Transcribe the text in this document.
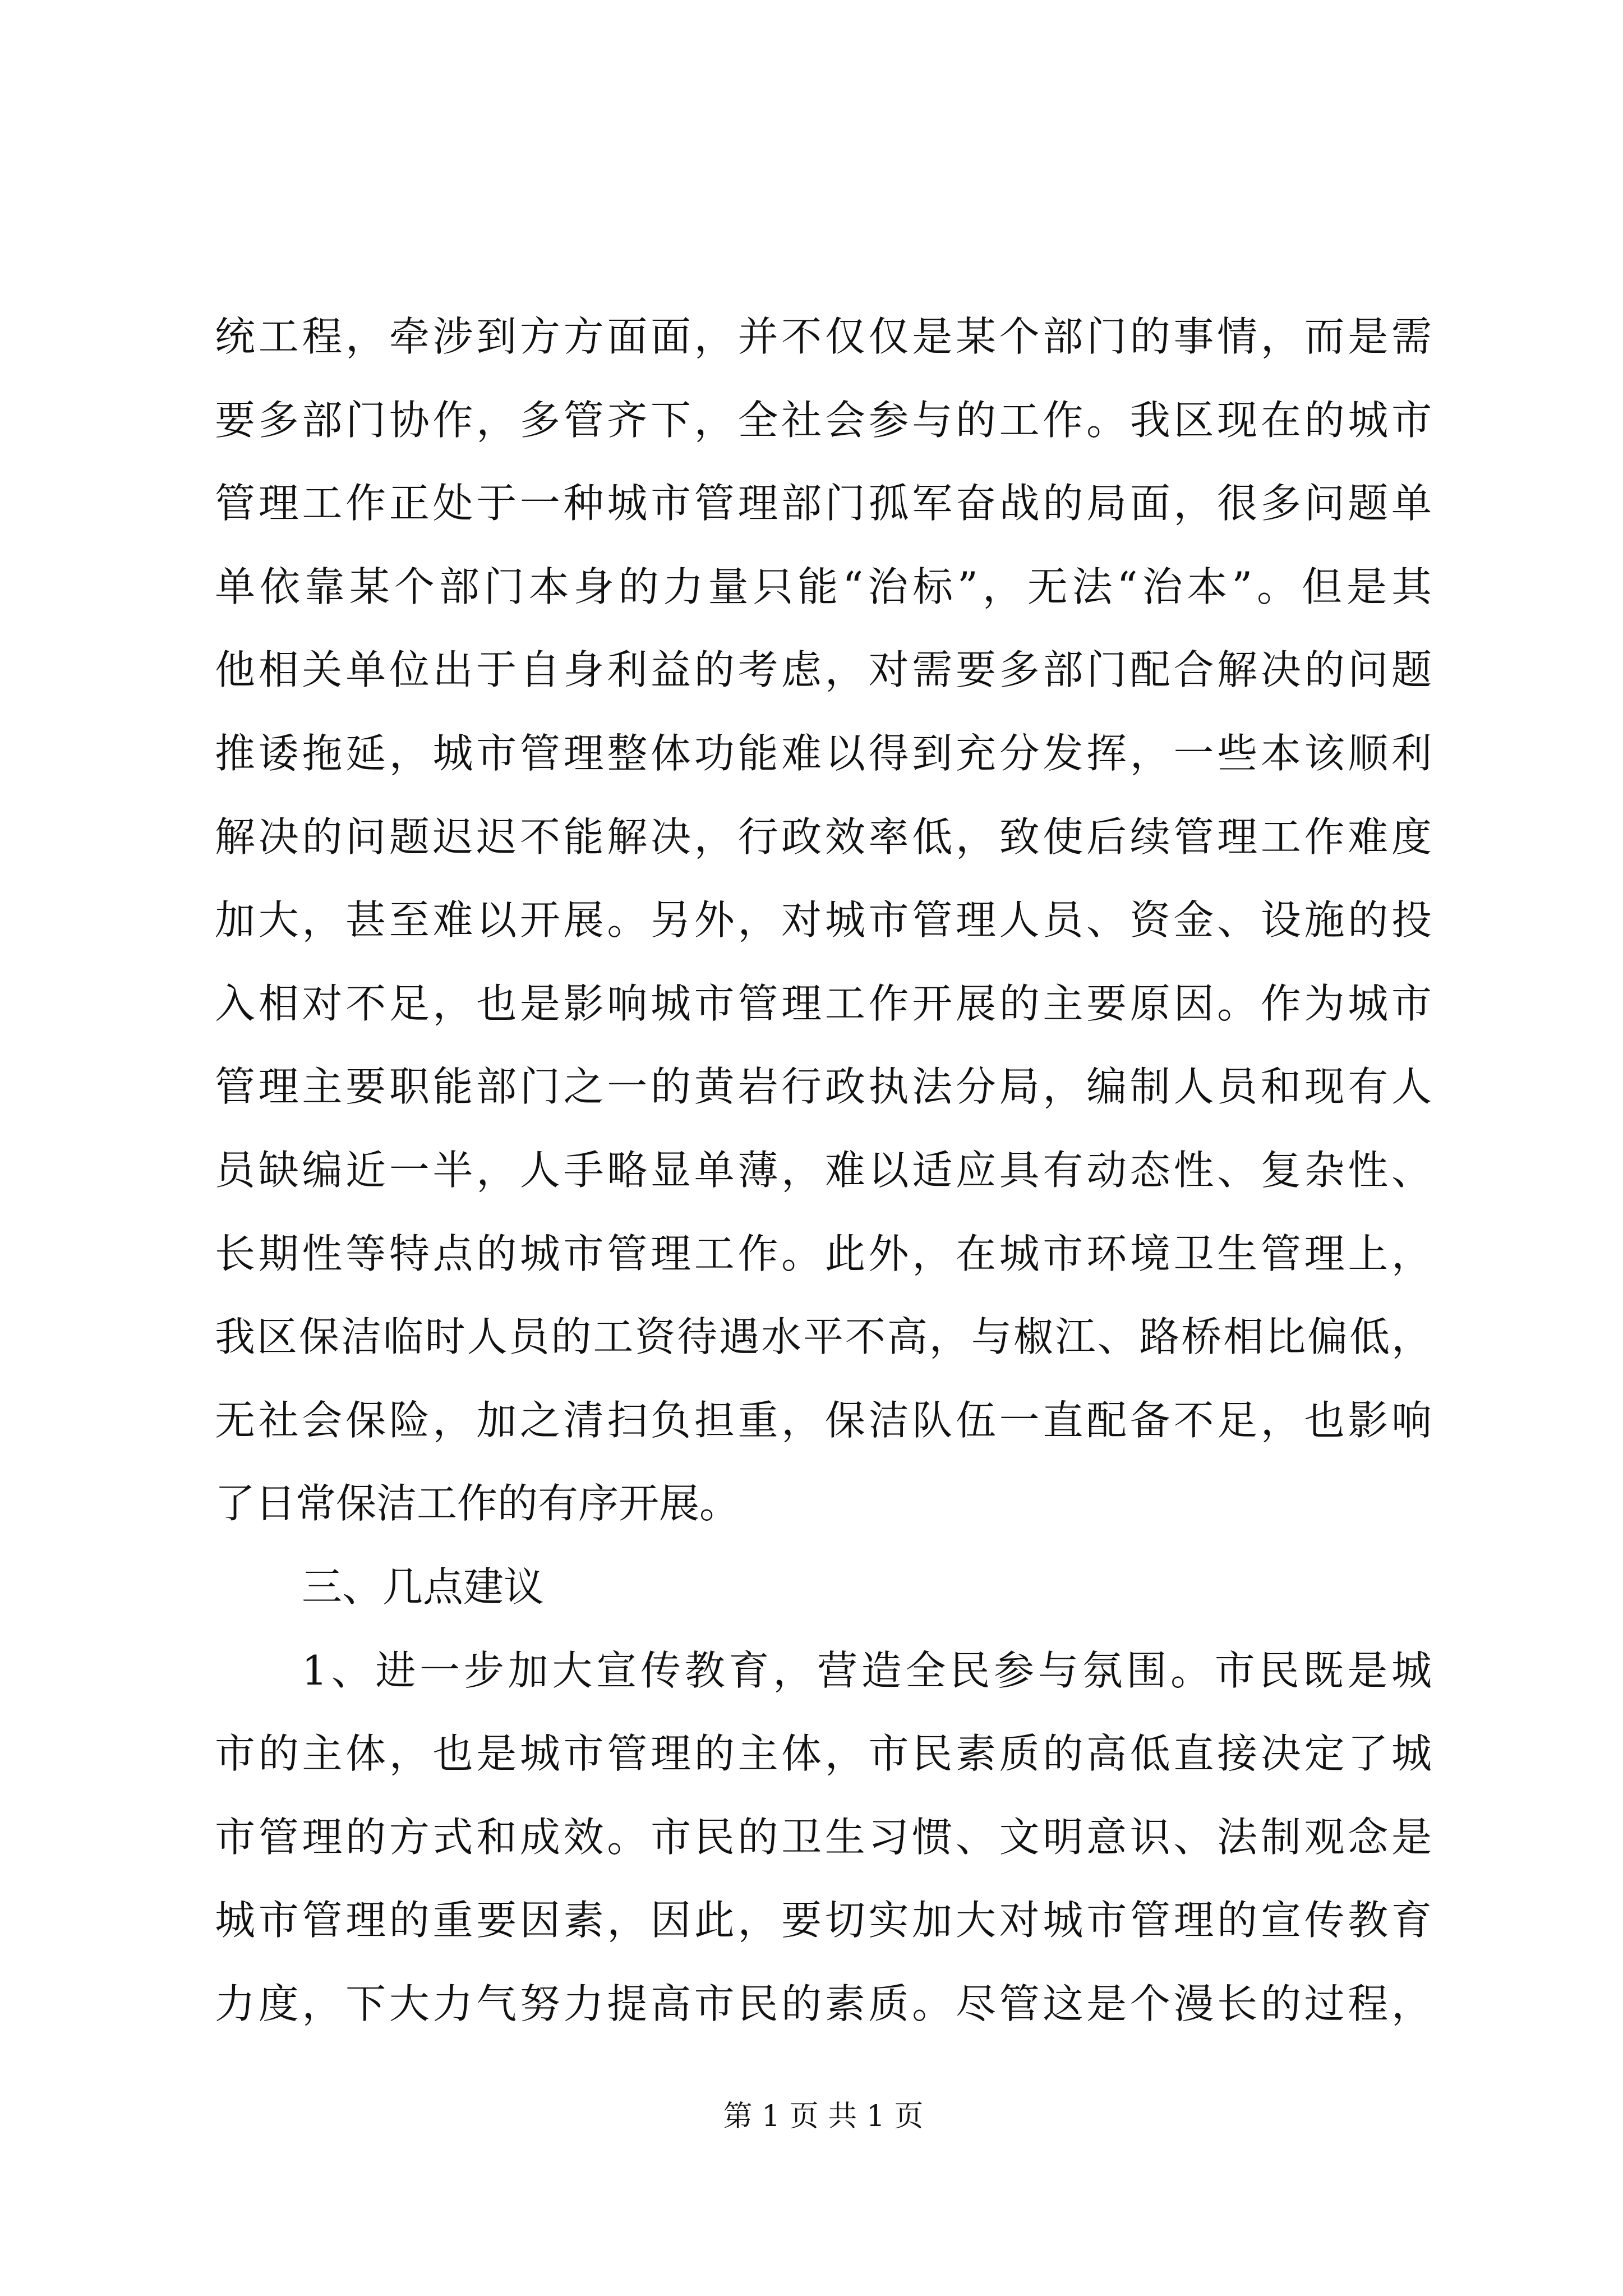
统工程，牵涉到方方面面，并不仅仅是某个部门的事情，而是需
要多部门协作，多管齐下，全社会参与的工作。我区现在的城市
管理工作正处于一种城市管理部门孤军奋战的局面，很多问题单
单依靠某个部门本身的力量只能“治标”，无法“治本”。但是其
他相关单位出于自身利益的考虑，对需要多部门配合解决的问题
推诿拖延，城市管理整体功能难以得到充分发挥，一些本该顺利
解决的问题迟迟不能解决，行政效率低，致使后续管理工作难度
加大，甚至难以开展。另外，对城市管理人员、资金、设施的投
入相对不足，也是影响城市管理工作开展的主要原因。作为城市
管理主要职能部门之一的黄岩行政执法分局，编制人员和现有人
员缺编近一半，人手略显单薄，难以适应具有动态性、复杂性、
长期性等特点的城市管理工作。此外，在城市环境卫生管理上，
我区保洁临时人员的工资待遇水平不高，与椒江、路桥相比偏低，
无社会保险，加之清扫负担重，保洁队伍一直配备不足，也影响
了日常保洁工作的有序开展。
三、几点建议
1、进一步加大宣传教育，营造全民参与氛围。市民既是城
市的主体，也是城市管理的主体，市民素质的高低直接决定了城
市管理的方式和成效。市民的卫生习惯、文明意识、法制观念是
城市管理的重要因素，因此，要切实加大对城市管理的宣传教育
力度，下大力气努力提高市民的素质。尽管这是个漫长的过程，
第 1 页 共 1 页
